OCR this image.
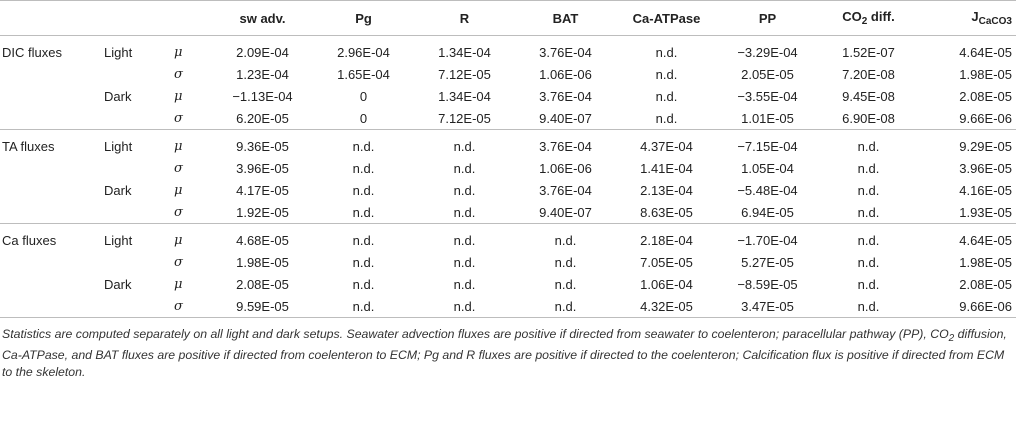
			sw adv.	Pg	R	BAT	Ca-ATPase	PP	$CO_2$ diff.	$J_{CaCO3}$
DIC fluxes	Light	μ	2.09E-04	2.96E-04	1.34E-04	3.76E-04	n.d.	−3.29E-04	1.52E-07	4.64E-05
		σ	1.23E-04	1.65E-04	7.12E-05	1.06E-06	n.d.	2.05E-05	7.20E-08	1.98E-05
	Dark	μ	−1.13E-04	0	1.34E-04	3.76E-04	n.d.	−3.55E-04	9.45E-08	2.08E-05
		σ	6.20E-05	0	7.12E-05	9.40E-07	n.d.	1.01E-05	6.90E-08	9.66E-06
TA fluxes	Light	μ	9.36E-05	n.d.	n.d.	3.76E-04	4.37E-04	−7.15E-04	n.d.	9.29E-05
		σ	3.96E-05	n.d.	n.d.	1.06E-06	1.41E-04	1.05E-04	n.d.	3.96E-05
	Dark	μ	4.17E-05	n.d.	n.d.	3.76E-04	2.13E-04	−5.48E-04	n.d.	4.16E-05
		σ	1.92E-05	n.d.	n.d.	9.40E-07	8.63E-05	6.94E-05	n.d.	1.93E-05
Ca fluxes	Light	μ	4.68E-05	n.d.	n.d.	n.d.	2.18E-04	−1.70E-04	n.d.	4.64E-05
		σ	1.98E-05	n.d.	n.d.	n.d.	7.05E-05	5.27E-05	n.d.	1.98E-05
	Dark	μ	2.08E-05	n.d.	n.d.	n.d.	1.06E-04	−8.59E-05	n.d.	2.08E-05
		σ	9.59E-05	n.d.	n.d.	n.d.	4.32E-05	3.47E-05	n.d.	9.66E-06
Statistics are computed separately on all light and dark setups. Seawater advection fluxes are positive if directed from seawater to coelenteron; paracellular pathway (PP), $CO_2$ diffusion, Ca-ATPase, and BAT fluxes are positive if directed from coelenteron to ECM; Pg and R fluxes are positive if directed to the coelenteron; Calcification flux is positive if directed from ECM to the skeleton.
